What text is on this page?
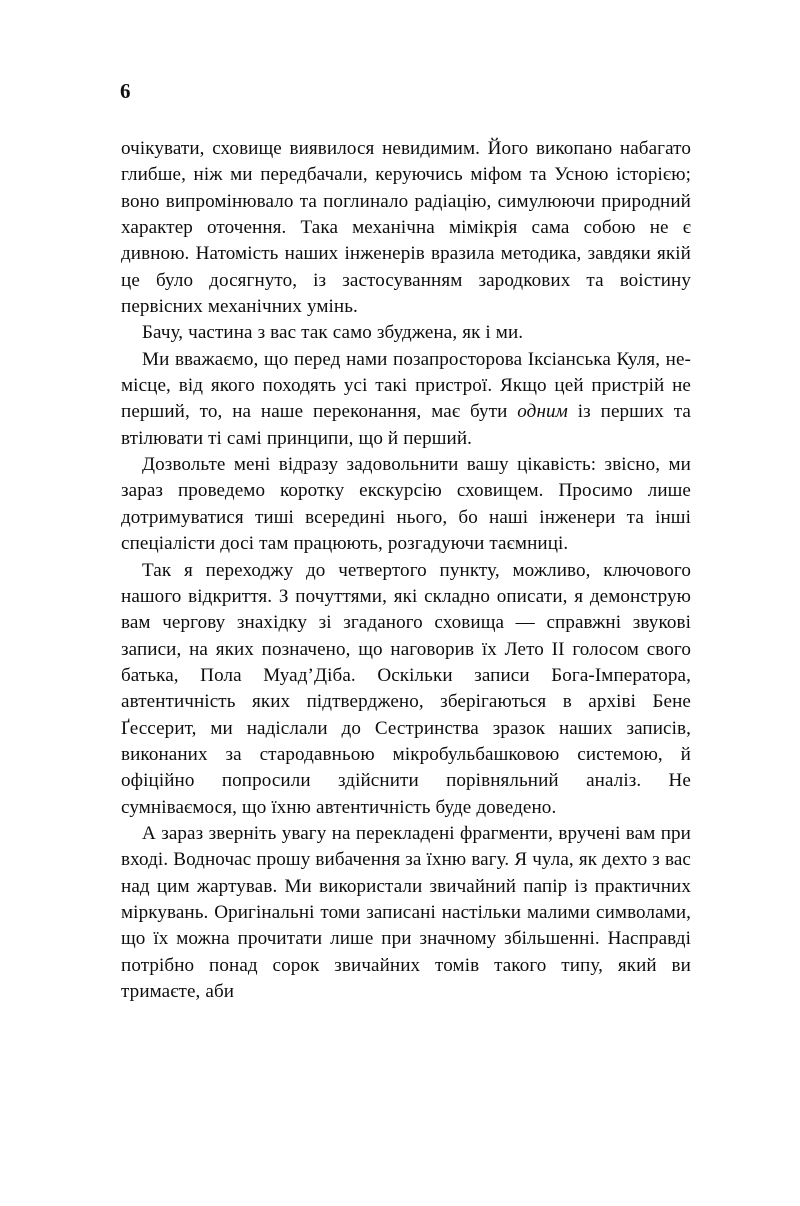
6

очікувати, сховище виявилося невидимим. Його викопано набагато глибше, ніж ми передбачали, керуючись міфом та Усною історією; воно випромінювало та поглинало радіацію, симулюючи природний характер оточення. Така механічна мімікрія сама собою не є дивною. Натомість наших інженерів вразила методика, завдяки якій це було досягнуто, із застосуванням зародкових та воістину первісних механічних умінь.

Бачу, частина з вас так само збуджена, як і ми.

Ми вважаємо, що перед нами позапросторова Іксіанська Куля, не-місце, від якого походять усі такі пристрої. Якщо цей пристрій не перший, то, на наше переконання, має бути одним із перших та втілювати ті самі принципи, що й перший.

Дозвольте мені відразу задовольнити вашу цікавість: звісно, ми зараз проведемо коротку екскурсію сховищем. Просимо лише дотримуватися тиші всередині нього, бо наші інженери та інші спеціалісти досі там працюють, розгадуючи таємниці.

Так я переходжу до четвертого пункту, можливо, ключового нашого відкриття. З почуттями, які складно описати, я демонструю вам чергову знахідку зі згаданого сховища — справжні звукові записи, на яких позначено, що наговорив їх Лето II голосом свого батька, Пола Муад’Діба. Оскільки записи Бога-Імператора, автентичність яких підтверджено, зберігаються в архіві Бене Ґессерит, ми надіслали до Сестринства зразок наших записів, виконаних за стародавньою мікробульбашковою системою, й офіційно попросили здійснити порівняльний аналіз. Не сумніваємося, що їхню автентичність буде доведено.

А зараз зверніть увагу на перекладені фрагменти, вручені вам при вході. Водночас прошу вибачення за їхню вагу. Я чула, як дехто з вас над цим жартував. Ми використали звичайний папір із практичних міркувань. Оригінальні томи записані настільки малими символами, що їх можна прочитати лише при значному збільшенні. Насправді потрібно понад сорок звичайних томів такого типу, який ви тримаєте, аби
